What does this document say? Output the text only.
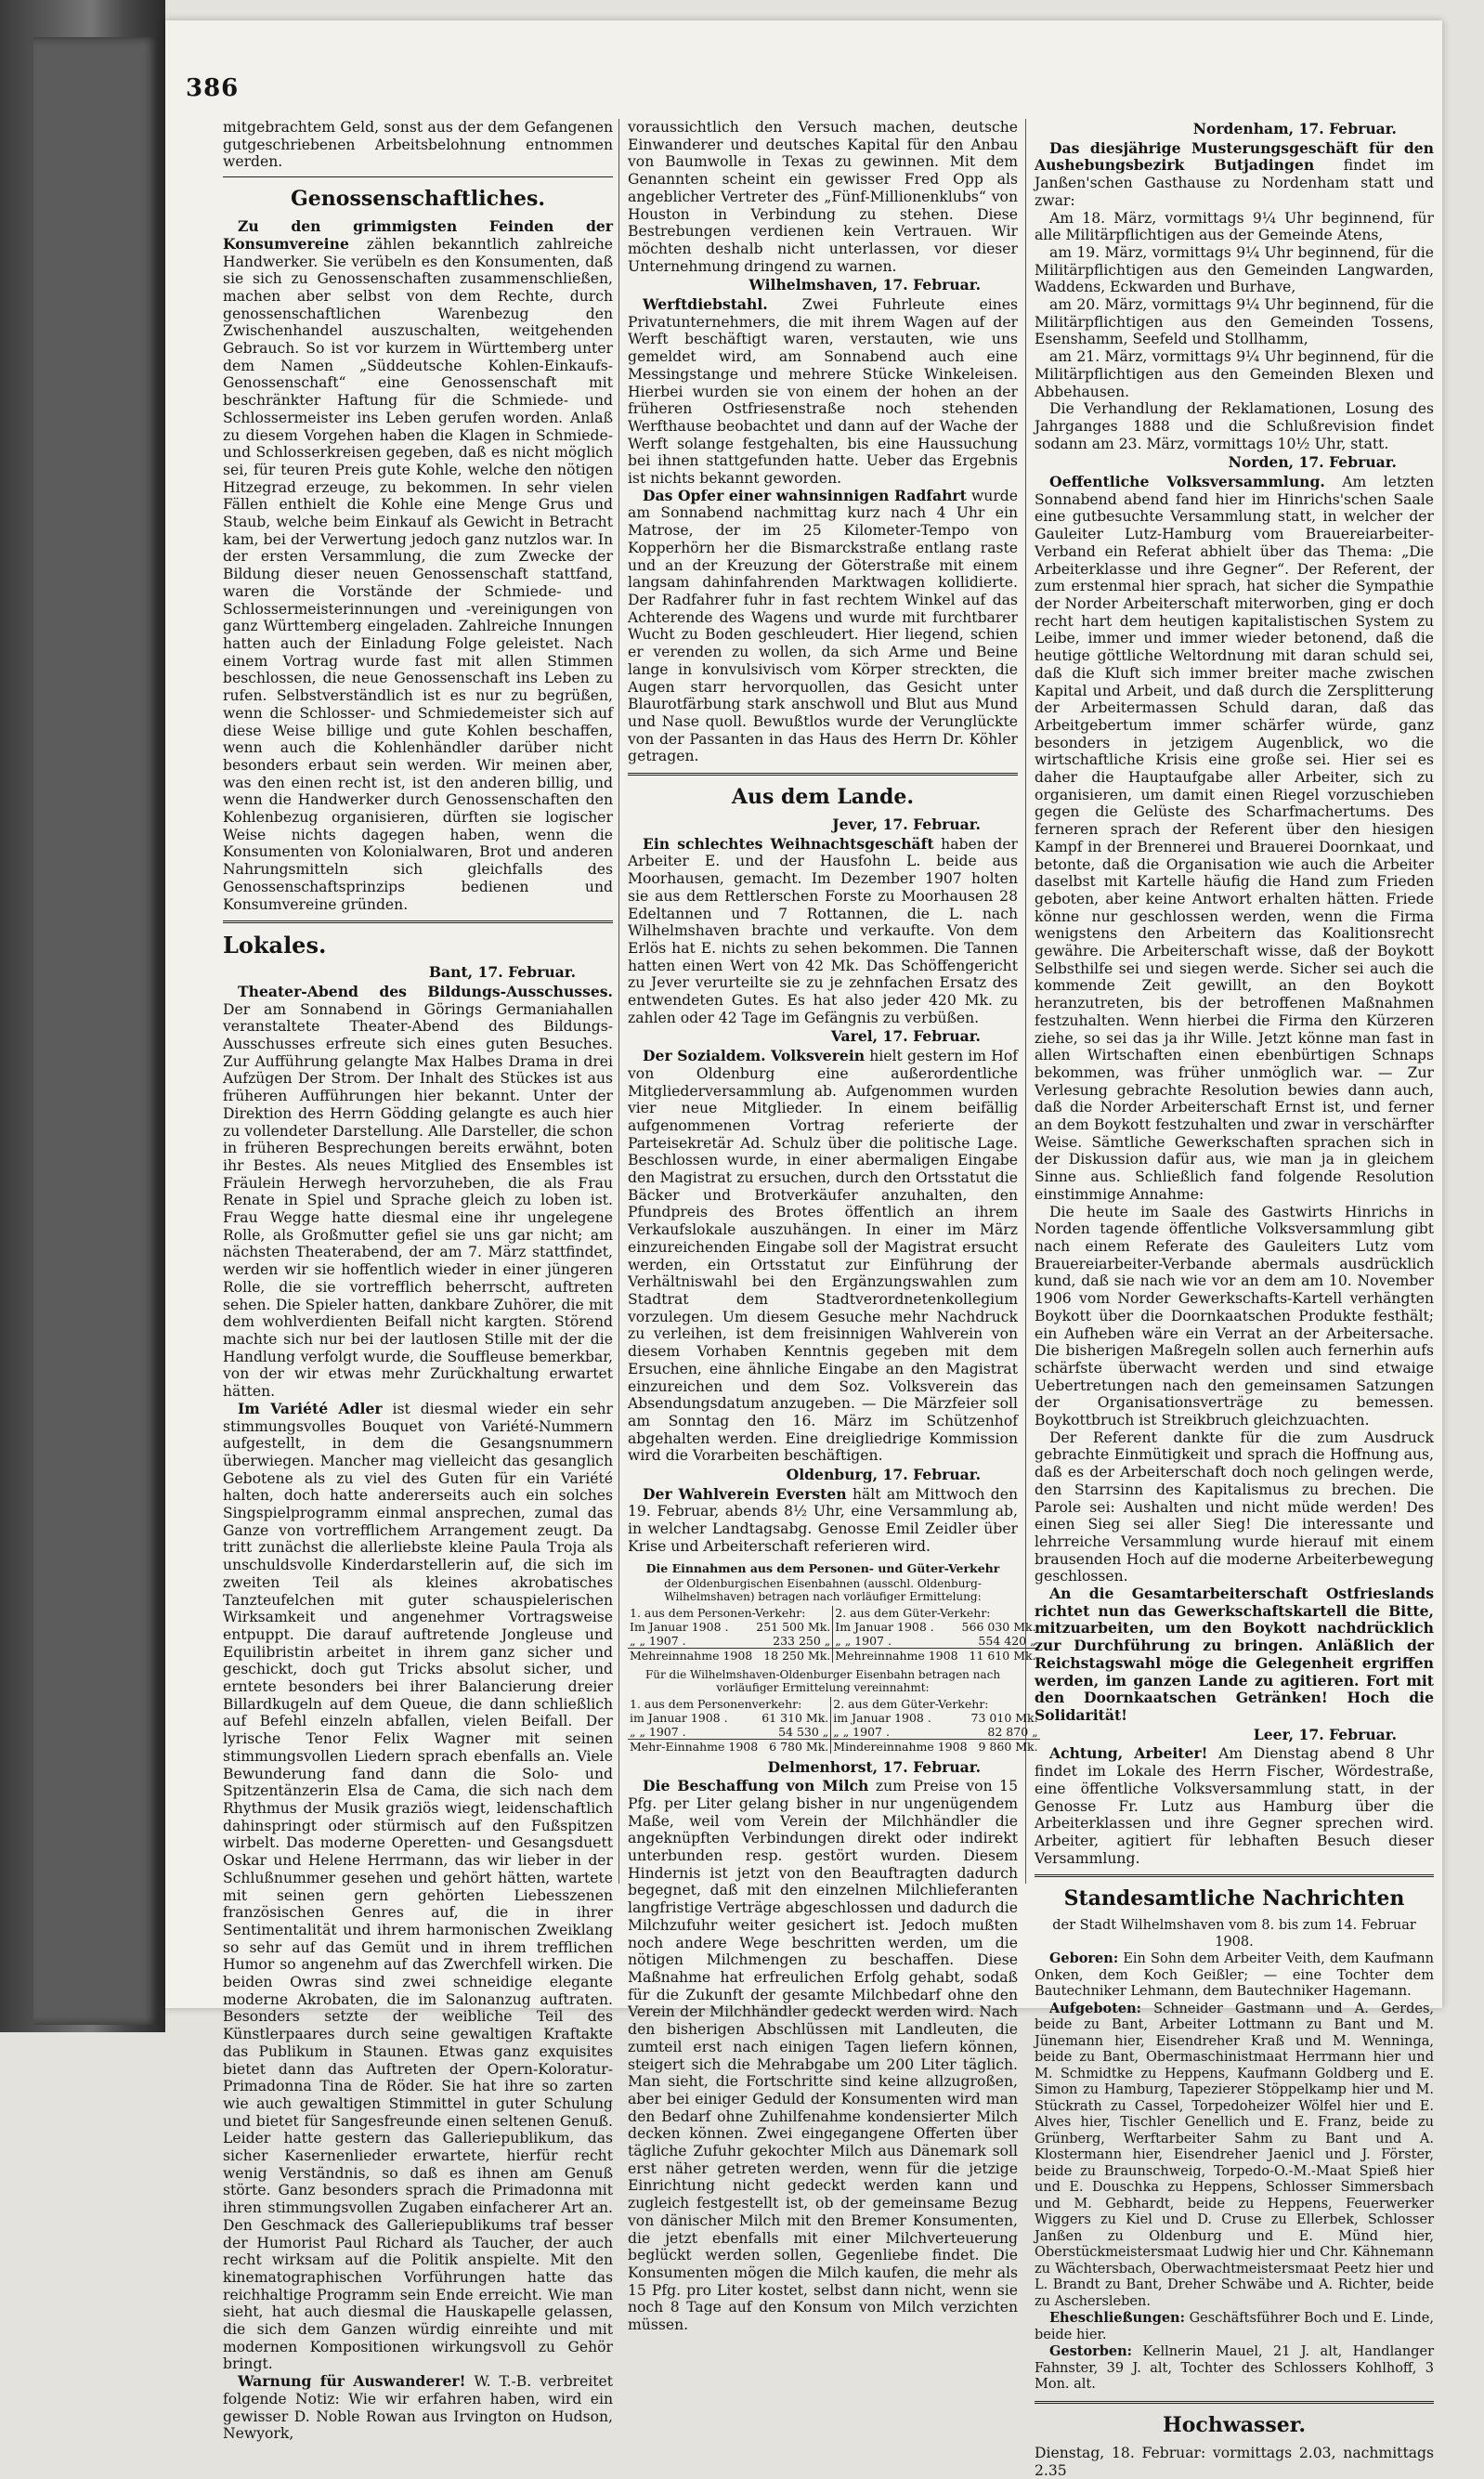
386

mitgebrachtem Geld, sonst aus der dem Gefangenen gutgeschriebenen Arbeitsbelohnung entnommen werden.

Genossenschaftliches.

Zu den grimmigsten Feinden der Konsumvereine zählen bekanntlich zahlreiche Handwerker. Sie verübeln es den Konsumenten, daß sie sich zu Genossenschaften zusammenschließen, machen aber selbst von dem Rechte, durch genossenschaftlichen Warenbezug den Zwischenhandel auszuschalten, weitgehenden Gebrauch. So ist vor kurzem in Württemberg unter dem Namen „Süddeutsche Kohlen-Einkaufs-Genossenschaft“ eine Genossenschaft mit beschränkter Haftung für die Schmiede- und Schlossermeister ins Leben gerufen worden. Anlaß zu diesem Vorgehen haben die Klagen in Schmiede- und Schlosserkreisen gegeben, daß es nicht möglich sei, für teuren Preis gute Kohle, welche den nötigen Hitzegrad erzeuge, zu bekommen. In sehr vielen Fällen enthielt die Kohle eine Menge Grus und Staub, welche beim Einkauf als Gewicht in Betracht kam, bei der Verwertung jedoch ganz nutzlos war. In der ersten Versammlung, die zum Zwecke der Bildung dieser neuen Genossenschaft stattfand, waren die Vorstände der Schmiede- und Schlossermeisterinnungen und -vereinigungen von ganz Württemberg eingeladen. Zahlreiche Innungen hatten auch der Einladung Folge geleistet. Nach einem Vortrag wurde fast mit allen Stimmen beschlossen, die neue Genossenschaft ins Leben zu rufen. Selbstverständlich ist es nur zu begrüßen, wenn die Schlosser- und Schmiedemeister sich auf diese Weise billige und gute Kohlen beschaffen, wenn auch die Kohlenhändler darüber nicht besonders erbaut sein werden. Wir meinen aber, was den einen recht ist, ist den anderen billig, und wenn die Handwerker durch Genossenschaften den Kohlenbezug organisieren, dürften sie logischer Weise nichts dagegen haben, wenn die Konsumenten von Kolonialwaren, Brot und anderen Nahrungsmitteln sich gleichfalls des Genossenschaftsprinzips bedienen und Konsumvereine gründen.

Lokales.
Bant, 17. Februar.

Theater-Abend des Bildungs-Ausschusses. Der am Sonnabend in Görings Germaniahallen veranstaltete Theater-Abend des Bildungs-Ausschusses erfreute sich eines guten Besuches. Zur Aufführung gelangte Max Halbes Drama in drei Aufzügen Der Strom. Der Inhalt des Stückes ist aus früheren Aufführungen hier bekannt. Unter der Direktion des Herrn Gödding gelangte es auch hier zu vollendeter Darstellung. Alle Darsteller, die schon in früheren Besprechungen bereits erwähnt, boten ihr Bestes. Als neues Mitglied des Ensembles ist Fräulein Herwegh hervorzuheben, die als Frau Renate in Spiel und Sprache gleich zu loben ist. Frau Wegge hatte diesmal eine ihr ungelegene Rolle, als Großmutter gefiel sie uns gar nicht; am nächsten Theaterabend, der am 7. März stattfindet, werden wir sie hoffentlich wieder in einer jüngeren Rolle, die sie vortrefflich beherrscht, auftreten sehen. Die Spieler hatten, dankbare Zuhörer, die mit dem wohlverdienten Beifall nicht kargten. Störend machte sich nur bei der lautlosen Stille mit der die Handlung verfolgt wurde, die Souffleuse bemerkbar, von der wir etwas mehr Zurückhaltung erwartet hätten.

Im Variété Adler ist diesmal wieder ein sehr stimmungsvolles Bouquet von Variété-Nummern aufgestellt, in dem die Gesangsnummern überwiegen. Mancher mag vielleicht das gesanglich Gebotene als zu viel des Guten für ein Variété halten, doch hatte andererseits auch ein solches Singspielprogramm einmal ansprechen, zumal das Ganze von vortrefflichem Arrangement zeugt. Da tritt zunächst die allerliebste kleine Paula Troja als unschuldsvolle Kinderdarstellerin auf, die sich im zweiten Teil als kleines akrobatisches Tanzteufelchen mit guter schauspielerischen Wirksamkeit und angenehmer Vortragsweise entpuppt. Die darauf auftretende Jongleuse und Equilibristin arbeitet in ihrem ganz sicher und geschickt, doch gut Tricks absolut sicher, und erntete besonders bei ihrer Balancierung dreier Billardkugeln auf dem Queue, die dann schließlich auf Befehl einzeln abfallen, vielen Beifall. Der lyrische Tenor Felix Wagner mit seinen stimmungsvollen Liedern sprach ebenfalls an. Viele Bewunderung fand dann die Solo- und Spitzentänzerin Elsa de Cama, die sich nach dem Rhythmus der Musik graziös wiegt, leidenschaftlich dahinspringt oder stürmisch auf den Fußspitzen wirbelt. Das moderne Operetten- und Gesangsduett Oskar und Helene Herrmann, das wir lieber in der Schlußnummer gesehen und gehört hätten, wartete mit seinen gern gehörten Liebesszenen französischen Genres auf, die in ihrer Sentimentalität und ihrem harmonischen Zweiklang so sehr auf das Gemüt und in ihrem trefflichen Humor so angenehm auf das Zwerchfell wirken. Die beiden Owras sind zwei schneidige elegante moderne Akrobaten, die im Salonanzug auftraten. Besonders setzte der weibliche Teil des Künstlerpaares durch seine gewaltigen Kraftakte das Publikum in Staunen. Etwas ganz exquisites bietet dann das Auftreten der Opern-Koloratur-Primadonna Tina de Röder. Sie hat ihre so zarten wie auch gewaltigen Stimmittel in guter Schulung und bietet für Sangesfreunde einen seltenen Genuß. Leider hatte gestern das Galleriepublikum, das sicher Kasernenlieder erwartete, hierfür recht wenig Verständnis, so daß es ihnen am Genuß störte. Ganz besonders sprach die Primadonna mit ihren stimmungsvollen Zugaben einfacherer Art an. Den Geschmack des Galleriepublikums traf besser der Humorist Paul Richard als Taucher, der auch recht wirksam auf die Politik anspielte. Mit den kinematographischen Vorführungen hatte das reichhaltige Programm sein Ende erreicht. Wie man sieht, hat auch diesmal die Hauskapelle gelassen, die sich dem Ganzen würdig einreihte und mit modernen Kompositionen wirkungsvoll zu Gehör bringt.

Warnung für Auswanderer! W. T.-B. verbreitet folgende Notiz: Wie wir erfahren haben, wird ein gewisser D. Noble Rowan aus Irvington on Hudson, Newyork,

voraussichtlich den Versuch machen, deutsche Einwanderer und deutsches Kapital für den Anbau von Baumwolle in Texas zu gewinnen. Mit dem Genannten scheint ein gewisser Fred Opp als angeblicher Vertreter des „Fünf-Millionenklubs“ von Houston in Verbindung zu stehen. Diese Bestrebungen verdienen kein Vertrauen. Wir möchten deshalb nicht unterlassen, vor dieser Unternehmung dringend zu warnen.

Wilhelmshaven, 17. Februar.

Werftdiebstahl. Zwei Fuhrleute eines Privatunternehmers, die mit ihrem Wagen auf der Werft beschäftigt waren, verstauten, wie uns gemeldet wird, am Sonnabend auch eine Messingstange und mehrere Stücke Winkeleisen. Hierbei wurden sie von einem der hohen an der früheren Ostfriesenstraße noch stehenden Werfthause beobachtet und dann auf der Wache der Werft solange festgehalten, bis eine Haussuchung bei ihnen stattgefunden hatte. Ueber das Ergebnis ist nichts bekannt geworden.

Das Opfer einer wahnsinnigen Radfahrt wurde am Sonnabend nachmittag kurz nach 4 Uhr ein Matrose, der im 25 Kilometer-Tempo von Kopperhörn her die Bismarckstraße entlang raste und an der Kreuzung der Göterstraße mit einem langsam dahinfahrenden Marktwagen kollidierte. Der Radfahrer fuhr in fast rechtem Winkel auf das Achterende des Wagens und wurde mit furchtbarer Wucht zu Boden geschleudert. Hier liegend, schien er verenden zu wollen, da sich Arme und Beine lange in konvulsivisch vom Körper streckten, die Augen starr hervorquollen, das Gesicht unter Blaurotfärbung stark anschwoll und Blut aus Mund und Nase quoll. Bewußtlos wurde der Verunglückte von der Passanten in das Haus des Herrn Dr. Köhler getragen.

Aus dem Lande.
Jever, 17. Februar.

Ein schlechtes Weihnachtsgeschäft haben der Arbeiter E. und der Hausfohn L. beide aus Moorhausen, gemacht. Im Dezember 1907 holten sie aus dem Rettlerschen Forste zu Moorhausen 28 Edeltannen und 7 Rottannen, die L. nach Wilhelmshaven brachte und verkaufte. Von dem Erlös hat E. nichts zu sehen bekommen. Die Tannen hatten einen Wert von 42 Mk. Das Schöffengericht zu Jever verurteilte sie zu je zehnfachen Ersatz des entwendeten Gutes. Es hat also jeder 420 Mk. zu zahlen oder 42 Tage im Gefängnis zu verbüßen.

Varel, 17. Februar.

Der Sozialdem. Volksverein hielt gestern im Hof von Oldenburg eine außerordentliche Mitgliederversammlung ab. Aufgenommen wurden vier neue Mitglieder. In einem beifällig aufgenommenen Vortrag referierte der Parteisekretär Ad. Schulz über die politische Lage. Beschlossen wurde, in einer abermaligen Eingabe den Magistrat zu ersuchen, durch den Ortsstatut die Bäcker und Brotverkäufer anzuhalten, den Pfundpreis des Brotes öffentlich an ihrem Verkaufslokale auszuhängen. In einer im März einzureichenden Eingabe soll der Magistrat ersucht werden, ein Ortsstatut zur Einführung der Verhältniswahl bei den Ergänzungswahlen zum Stadtrat dem Stadtverordnetenkollegium vorzulegen. Um diesem Gesuche mehr Nachdruck zu verleihen, ist dem freisinnigen Wahlverein von diesem Vorhaben Kenntnis gegeben mit dem Ersuchen, eine ähnliche Eingabe an den Magistrat einzureichen und dem Soz. Volksverein das Absendungsdatum anzugeben. — Die Märzfeier soll am Sonntag den 16. März im Schützenhof abgehalten werden. Eine dreigliedrige Kommission wird die Vorarbeiten beschäftigen.

Oldenburg, 17. Februar.

Der Wahlverein Eversten hält am Mittwoch den 19. Februar, abends 8½ Uhr, eine Versammlung ab, in welcher Landtagsabg. Genosse Emil Zeidler über Krise und Arbeiterschaft referieren wird.

Die Einnahmen aus dem Personen- und Güter-Verkehr
der Oldenburgischen Eisenbahnen (ausschl. Oldenburg-Wilhelmshaven) betragen nach vorläufiger Ermittelung:
1. aus dem Personen-Verkehr:		2. aus dem Güter-Verkehr:	
Im Januar 1908 .	251 500 Mk.	Im Januar 1908 .	566 030 Mk.
„ „ 1907 .	233 250 „	„ „ 1907 .	554 420 „
Mehreinnahme 1908	18 250 Mk.	Mehreinnahme 1908	11 610 Mk.
Für die Wilhelmshaven-Oldenburger Eisenbahn betragen nach vorläufiger Ermittelung vereinnahmt:
1. aus dem Personenverkehr:		2. aus dem Güter-Verkehr:	
im Januar 1908 .	61 310 Mk.	im Januar 1908 .	73 010 Mk.
„ „ 1907 .	54 530 „	„ „ 1907 .	82 870 „
Mehr-Einnahme 1908	6 780 Mk.	Mindereinnahme 1908	9 860 Mk.
Delmenhorst, 17. Februar.

Die Beschaffung von Milch zum Preise von 15 Pfg. per Liter gelang bisher in nur ungenügendem Maße, weil vom Verein der Milchhändler die angeknüpften Verbindungen direkt oder indirekt unterbunden resp. gestört wurden. Diesem Hindernis ist jetzt von den Beauftragten dadurch begegnet, daß mit den einzelnen Milchlieferanten langfristige Verträge abgeschlossen und dadurch die Milchzufuhr weiter gesichert ist. Jedoch mußten noch andere Wege beschritten werden, um die nötigen Milchmengen zu beschaffen. Diese Maßnahme hat erfreulichen Erfolg gehabt, sodaß für die Zukunft der gesamte Milchbedarf ohne den Verein der Milchhändler gedeckt werden wird. Nach den bisherigen Abschlüssen mit Landleuten, die zumteil erst nach einigen Tagen liefern können, steigert sich die Mehrabgabe um 200 Liter täglich. Man sieht, die Fortschritte sind keine allzugroßen, aber bei einiger Geduld der Konsumenten wird man den Bedarf ohne Zuhilfenahme kondensierter Milch decken können. Zwei eingegangene Offerten über tägliche Zufuhr gekochter Milch aus Dänemark soll erst näher getreten werden, wenn für die jetzige Einrichtung nicht gedeckt werden kann und zugleich festgestellt ist, ob der gemeinsame Bezug von dänischer Milch mit den Bremer Konsumenten, die jetzt ebenfalls mit einer Milchverteuerung beglückt werden sollen, Gegenliebe findet. Die Konsumenten mögen die Milch kaufen, die mehr als 15 Pfg. pro Liter kostet, selbst dann nicht, wenn sie noch 8 Tage auf den Konsum von Milch verzichten müssen.

Nordenham, 17. Februar.

Das diesjährige Musterungsgeschäft für den Aushebungsbezirk Butjadingen findet im Janßen'schen Gasthause zu Nordenham statt und zwar:

Am 18. März, vormittags 9¼ Uhr beginnend, für alle Militärpflichtigen aus der Gemeinde Atens,

am 19. März, vormittags 9¼ Uhr beginnend, für die Militärpflichtigen aus den Gemeinden Langwarden, Waddens, Eckwarden und Burhave,

am 20. März, vormittags 9¼ Uhr beginnend, für die Militärpflichtigen aus den Gemeinden Tossens, Esenshamm, Seefeld und Stollhamm,

am 21. März, vormittags 9¼ Uhr beginnend, für die Militärpflichtigen aus den Gemeinden Blexen und Abbehausen.

Die Verhandlung der Reklamationen, Losung des Jahrganges 1888 und die Schlußrevision findet sodann am 23. März, vormittags 10½ Uhr, statt.

Norden, 17. Februar.

Oeffentliche Volksversammlung. Am letzten Sonnabend abend fand hier im Hinrichs'schen Saale eine gutbesuchte Versammlung statt, in welcher der Gauleiter Lutz-Hamburg vom Brauereiarbeiter-Verband ein Referat abhielt über das Thema: „Die Arbeiterklasse und ihre Gegner“. Der Referent, der zum erstenmal hier sprach, hat sicher die Sympathie der Norder Arbeiterschaft miterworben, ging er doch recht hart dem heutigen kapitalistischen System zu Leibe, immer und immer wieder betonend, daß die heutige göttliche Weltordnung mit daran schuld sei, daß die Kluft sich immer breiter mache zwischen Kapital und Arbeit, und daß durch die Zersplitterung der Arbeitermassen Schuld daran, daß das Arbeitgebertum immer schärfer würde, ganz besonders in jetzigem Augenblick, wo die wirtschaftliche Krisis eine große sei. Hier sei es daher die Hauptaufgabe aller Arbeiter, sich zu organisieren, um damit einen Riegel vorzuschieben gegen die Gelüste des Scharfmachertums. Des ferneren sprach der Referent über den hiesigen Kampf in der Brennerei und Brauerei Doornkaat, und betonte, daß die Organisation wie auch die Arbeiter daselbst mit Kartelle häufig die Hand zum Frieden geboten, aber keine Antwort erhalten hätten. Friede könne nur geschlossen werden, wenn die Firma wenigstens den Arbeitern das Koalitionsrecht gewähre. Die Arbeiterschaft wisse, daß der Boykott Selbsthilfe sei und siegen werde. Sicher sei auch die kommende Zeit gewillt, an den Boykott heranzutreten, bis der betroffenen Maßnahmen festzuhalten. Wenn hierbei die Firma den Kürzeren ziehe, so sei das ja ihr Wille. Jetzt könne man fast in allen Wirtschaften einen ebenbürtigen Schnaps bekommen, was früher unmöglich war. — Zur Verlesung gebrachte Resolution bewies dann auch, daß die Norder Arbeiterschaft Ernst ist, und ferner an dem Boykott festzuhalten und zwar in verschärfter Weise. Sämtliche Gewerkschaften sprachen sich in der Diskussion dafür aus, wie man ja in gleichem Sinne aus. Schließlich fand folgende Resolution einstimmige Annahme:

Die heute im Saale des Gastwirts Hinrichs in Norden tagende öffentliche Volksversammlung gibt nach einem Referate des Gauleiters Lutz vom Brauereiarbeiter-Verbande abermals ausdrücklich kund, daß sie nach wie vor an dem am 10. November 1906 vom Norder Gewerkschafts-Kartell verhängten Boykott über die Doornkaatschen Produkte festhält; ein Aufheben wäre ein Verrat an der Arbeitersache. Die bisherigen Maßregeln sollen auch fernerhin aufs schärfste überwacht werden und sind etwaige Uebertretungen nach den gemeinsamen Satzungen der Organisationsverträge zu bemessen. Boykottbruch ist Streikbruch gleichzuachten.

Der Referent dankte für die zum Ausdruck gebrachte Einmütigkeit und sprach die Hoffnung aus, daß es der Arbeiterschaft doch noch gelingen werde, den Starrsinn des Kapitalismus zu brechen. Die Parole sei: Aushalten und nicht müde werden! Des einen Sieg sei aller Sieg! Die interessante und lehrreiche Versammlung wurde hierauf mit einem brausenden Hoch auf die moderne Arbeiterbewegung geschlossen.

An die Gesamtarbeiterschaft Ostfrieslands richtet nun das Gewerkschaftskartell die Bitte, mitzuarbeiten, um den Boykott nachdrücklich zur Durchführung zu bringen. Anläßlich der Reichstagswahl möge die Gelegenheit ergriffen werden, im ganzen Lande zu agitieren. Fort mit den Doornkaatschen Getränken! Hoch die Solidarität!

Leer, 17. Februar.

Achtung, Arbeiter! Am Dienstag abend 8 Uhr findet im Lokale des Herrn Fischer, Wördestraße, eine öffentliche Volksversammlung statt, in der Genosse Fr. Lutz aus Hamburg über die Arbeiterklassen und ihre Gegner sprechen wird. Arbeiter, agitiert für lebhaften Besuch dieser Versammlung.

Standesamtliche Nachrichten

der Stadt Wilhelmshaven vom 8. bis zum 14. Februar 1908.

Geboren: Ein Sohn dem Arbeiter Veith, dem Kaufmann Onken, dem Koch Geißler; — eine Tochter dem Bautechniker Lehmann, dem Bautechniker Hagemann.

Aufgeboten: Schneider Gastmann und A. Gerdes, beide zu Bant, Arbeiter Lottmann zu Bant und M. Jünemann hier, Eisendreher Kraß und M. Wenninga, beide zu Bant, Obermaschinistmaat Herrmann hier und M. Schmidtke zu Heppens, Kaufmann Goldberg und E. Simon zu Hamburg, Tapezierer Stöppelkamp hier und M. Stückrath zu Cassel, Torpedoheizer Wölfel hier und E. Alves hier, Tischler Genellich und E. Franz, beide zu Grünberg, Werftarbeiter Sahm zu Bant und A. Klostermann hier, Eisendreher Jaenicl und J. Förster, beide zu Braunschweig, Torpedo-O.-M.-Maat Spieß hier und E. Douschka zu Heppens, Schlosser Simmersbach und M. Gebhardt, beide zu Heppens, Feuerwerker Wiggers zu Kiel und D. Cruse zu Ellerbek, Schlosser Janßen zu Oldenburg und E. Münd hier, Oberstückmeistersmaat Ludwig hier und Chr. Kähnemann zu Wächtersbach, Oberwachtmeistersmaat Peetz hier und L. Brandt zu Bant, Dreher Schwäbe und A. Richter, beide zu Aschersleben.

Eheschließungen: Geschäftsführer Boch und E. Linde, beide hier.

Gestorben: Kellnerin Mauel, 21 J. alt, Handlanger Fahnster, 39 J. alt, Tochter des Schlossers Kohlhoff, 3 Mon. alt.

Hochwasser.

Dienstag, 18. Februar: vormittags 2.03, nachmittags 2.35
